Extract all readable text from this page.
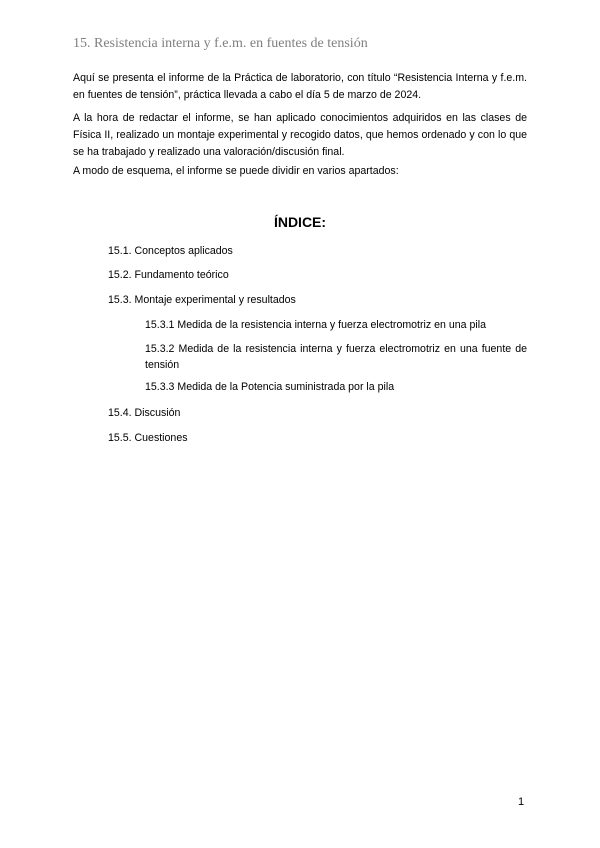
15. Resistencia interna y f.e.m. en fuentes de tensión

Aquí se presenta el informe de la Práctica de laboratorio, con título “Resistencia Interna y f.e.m. en fuentes de tensión”, práctica llevada a cabo el día 5 de marzo de 2024.

A la hora de redactar el informe, se han aplicado conocimientos adquiridos en las clases de Física II, realizado un montaje experimental y recogido datos, que hemos ordenado y con lo que se ha trabajado y realizado una valoración/discusión final.

A modo de esquema, el informe se puede dividir en varios apartados:

ÍNDICE:
15.1. Conceptos aplicados
15.2. Fundamento teórico
15.3. Montaje experimental y resultados
15.3.1 Medida de la resistencia interna y fuerza electromotriz en una pila
15.3.2 Medida de la resistencia interna y fuerza electromotriz en una fuente de tensión
15.3.3 Medida de la Potencia suministrada por la pila
15.4. Discusión
15.5. Cuestiones
1
